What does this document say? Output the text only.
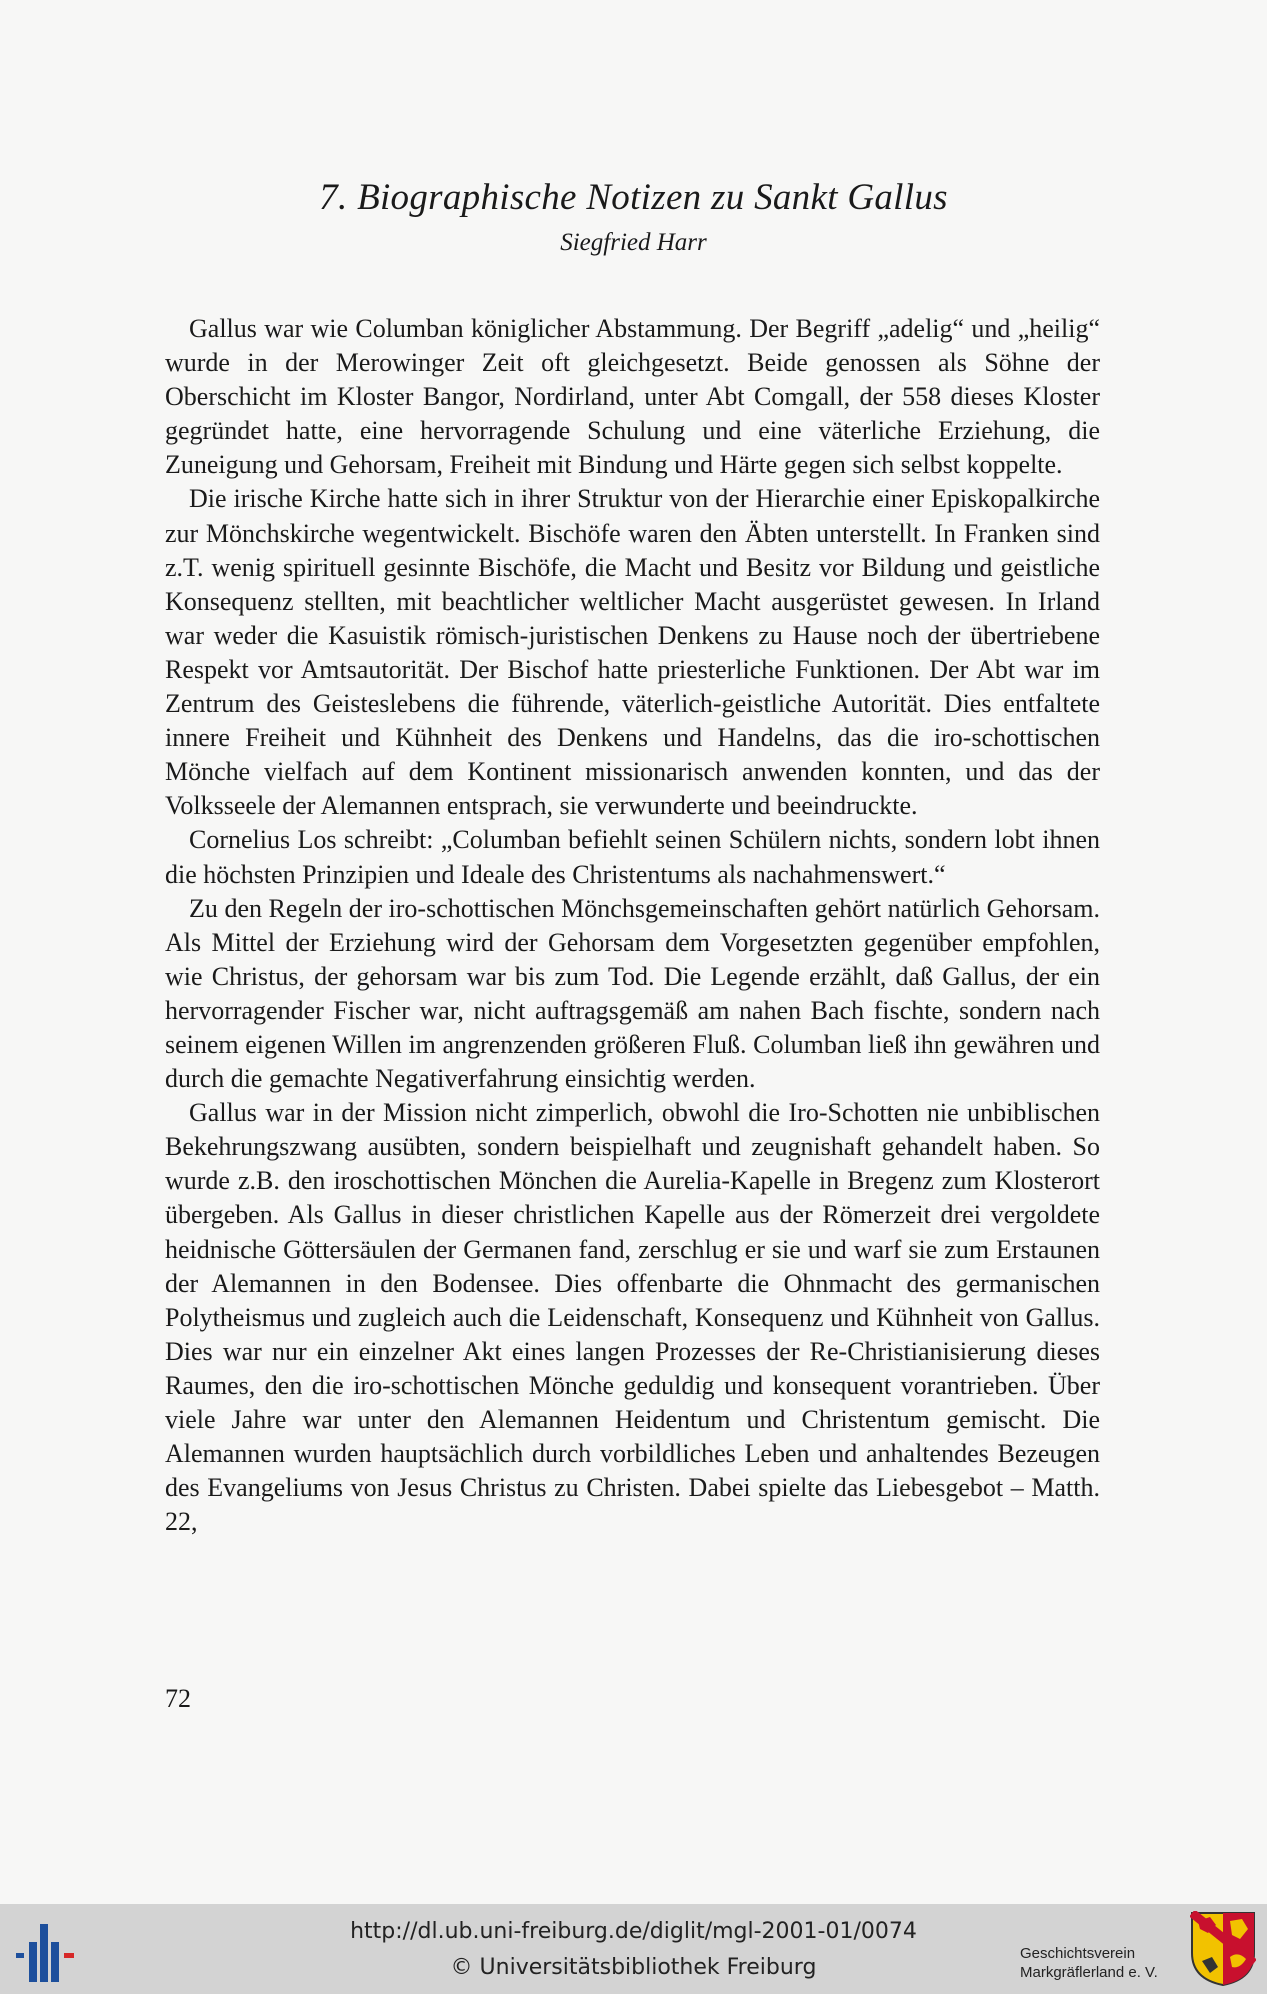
7. Biographische Notizen zu Sankt Gallus
Siegfried Harr

Gallus war wie Columban königlicher Abstammung. Der Begriff „adelig“ und „heilig“ wurde in der Merowinger Zeit oft gleichgesetzt. Beide genossen als Söhne der Oberschicht im Kloster Bangor, Nordirland, unter Abt Comgall, der 558 dieses Kloster gegründet hatte, eine hervorragende Schulung und eine väterliche Erziehung, die Zuneigung und Gehorsam, Freiheit mit Bindung und Härte gegen sich selbst koppelte.

Die irische Kirche hatte sich in ihrer Struktur von der Hierarchie einer Episkopalkirche zur Mönchskirche wegentwickelt. Bischöfe waren den Äbten unterstellt. In Franken sind z.T. wenig spirituell gesinnte Bischöfe, die Macht und Besitz vor Bildung und geistliche Konsequenz stellten, mit beachtlicher weltlicher Macht ausgerüstet gewesen. In Irland war weder die Kasuistik römisch-juristischen Denkens zu Hause noch der übertriebene Respekt vor Amtsautorität. Der Bischof hatte priesterliche Funktionen. Der Abt war im Zentrum des Geisteslebens die führende, väterlich-geistliche Autorität. Dies entfaltete innere Freiheit und Kühnheit des Denkens und Handelns, das die iro-schottischen Mönche vielfach auf dem Kontinent missionarisch anwenden konnten, und das der Volksseele der Alemannen entsprach, sie verwunderte und beeindruckte.

Cornelius Los schreibt: „Columban befiehlt seinen Schülern nichts, sondern lobt ihnen die höchsten Prinzipien und Ideale des Christentums als nachahmenswert.“

Zu den Regeln der iro-schottischen Mönchsgemeinschaften gehört natürlich Gehorsam. Als Mittel der Erziehung wird der Gehorsam dem Vorgesetzten gegenüber empfohlen, wie Christus, der gehorsam war bis zum Tod. Die Legende erzählt, daß Gallus, der ein hervorragender Fischer war, nicht auftragsgemäß am nahen Bach fischte, sondern nach seinem eigenen Willen im angrenzenden größeren Fluß. Columban ließ ihn gewähren und durch die gemachte Negativerfahrung einsichtig werden.

Gallus war in der Mission nicht zimperlich, obwohl die Iro-Schotten nie unbiblischen Bekehrungszwang ausübten, sondern beispielhaft und zeugnishaft gehandelt haben. So wurde z.B. den iroschottischen Mönchen die Aurelia-Kapelle in Bregenz zum Klosterort übergeben. Als Gallus in dieser christlichen Kapelle aus der Römerzeit drei vergoldete heidnische Göttersäulen der Germanen fand, zerschlug er sie und warf sie zum Erstaunen der Alemannen in den Bodensee. Dies offenbarte die Ohnmacht des germanischen Polytheismus und zugleich auch die Leidenschaft, Konsequenz und Kühnheit von Gallus. Dies war nur ein einzelner Akt eines langen Prozesses der Re-Christianisierung dieses Raumes, den die iro-schottischen Mönche geduldig und konsequent vorantrieben. Über viele Jahre war unter den Alemannen Heidentum und Christentum gemischt. Die Alemannen wurden hauptsächlich durch vorbildliches Leben und anhaltendes Bezeugen des Evangeliums von Jesus Christus zu Christen. Dabei spielte das Liebesgebot – Matth. 22,

72
http://dl.ub.uni-freiburg.de/diglit/mgl-2001-01/0074
© Universitätsbibliothek Freiburg
Geschichtsverein
Markgräflerland e. V.
